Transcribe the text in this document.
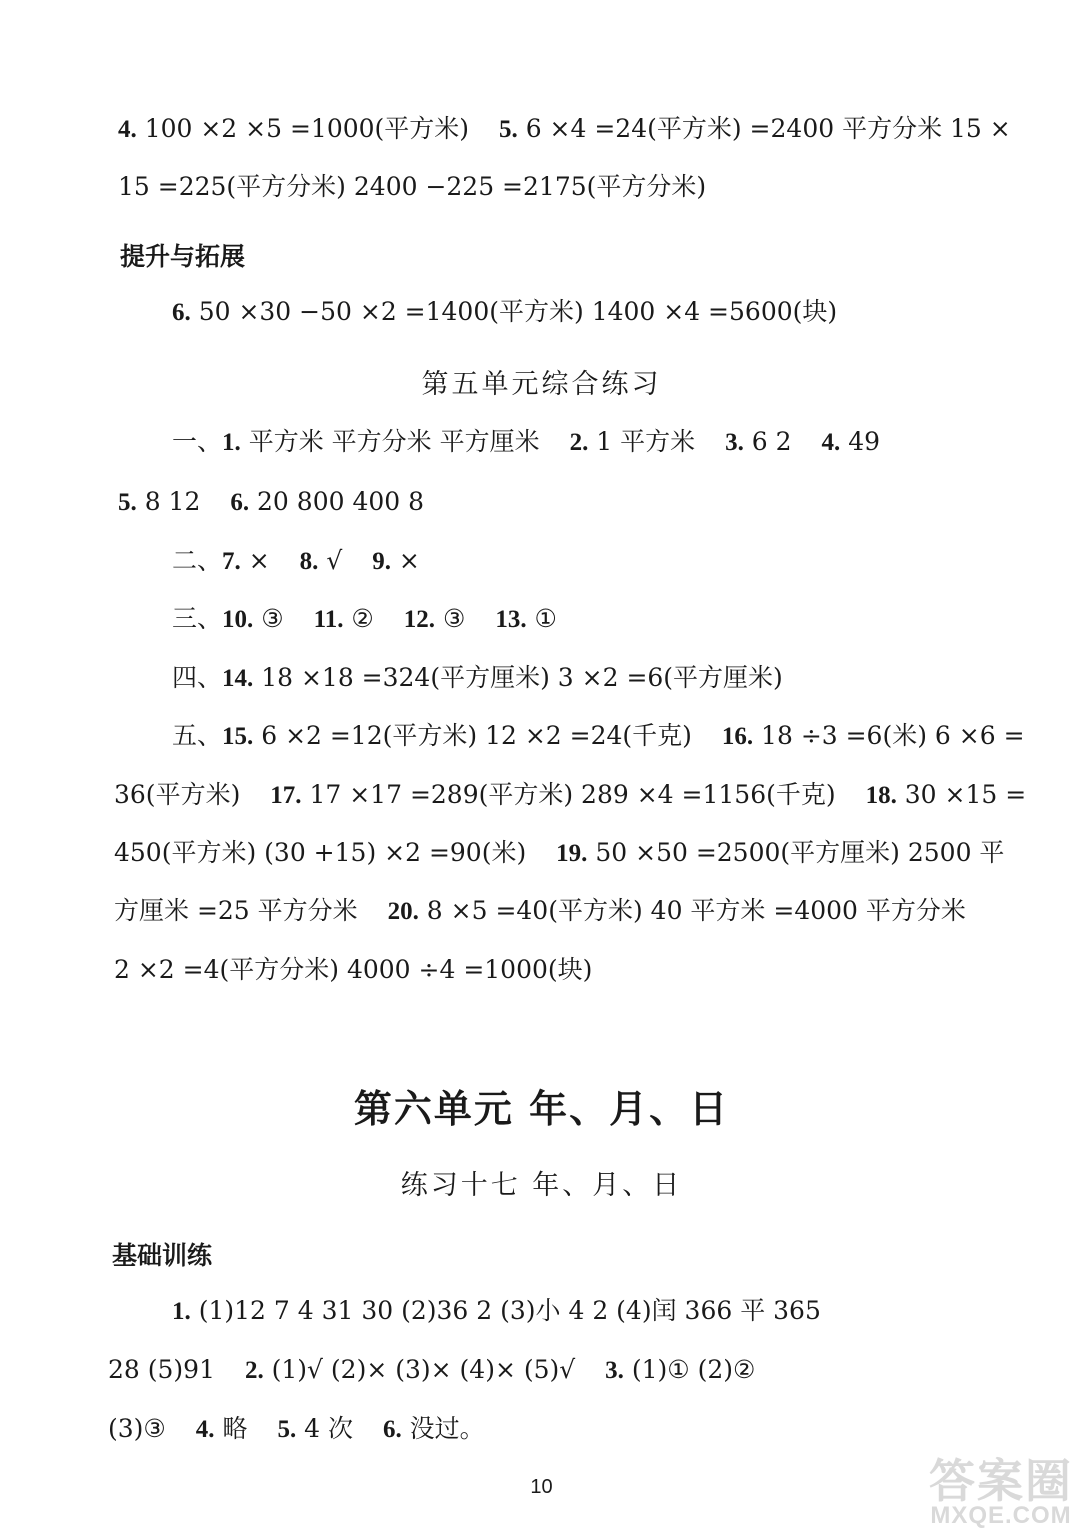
4. 100 ×2 ×5 =1000(平方米) 5. 6 ×4 =24(平方米) =2400 平方分米 15 ×
15 =225(平方分米) 2400 −225 =2175(平方分米)
提升与拓展
6. 50 ×30 −50 ×2 =1400(平方米) 1400 ×4 =5600(块)
第五单元综合练习
一、1. 平方米 平方分米 平方厘米 2. 1 平方米 3. 6 2 4. 49
5. 8 12 6. 20 800 400 8
二、7. × 8. √ 9. ×
三、10. ③ 11. ② 12. ③ 13. ①
四、14. 18 ×18 =324(平方厘米) 3 ×2 =6(平方厘米)
五、15. 6 ×2 =12(平方米) 12 ×2 =24(千克) 16. 18 ÷3 =6(米) 6 ×6 =
36(平方米) 17. 17 ×17 =289(平方米) 289 ×4 =1156(千克) 18. 30 ×15 =
450(平方米) (30 +15) ×2 =90(米) 19. 50 ×50 =2500(平方厘米) 2500 平
方厘米 =25 平方分米 20. 8 ×5 =40(平方米) 40 平方米 =4000 平方分米
2 ×2 =4(平方分米) 4000 ÷4 =1000(块)
第六单元 年、月、日
练习十七 年、月、日
基础训练
1. (1)12 7 4 31 30 (2)36 2 (3)小 4 2 (4)闰 366 平 365
28 (5)91 2. (1)√ (2)× (3)× (4)× (5)√ 3. (1)① (2)②
(3)③ 4. 略 5. 4 次 6. 没过。
10	答案圈
MXQE.COM
